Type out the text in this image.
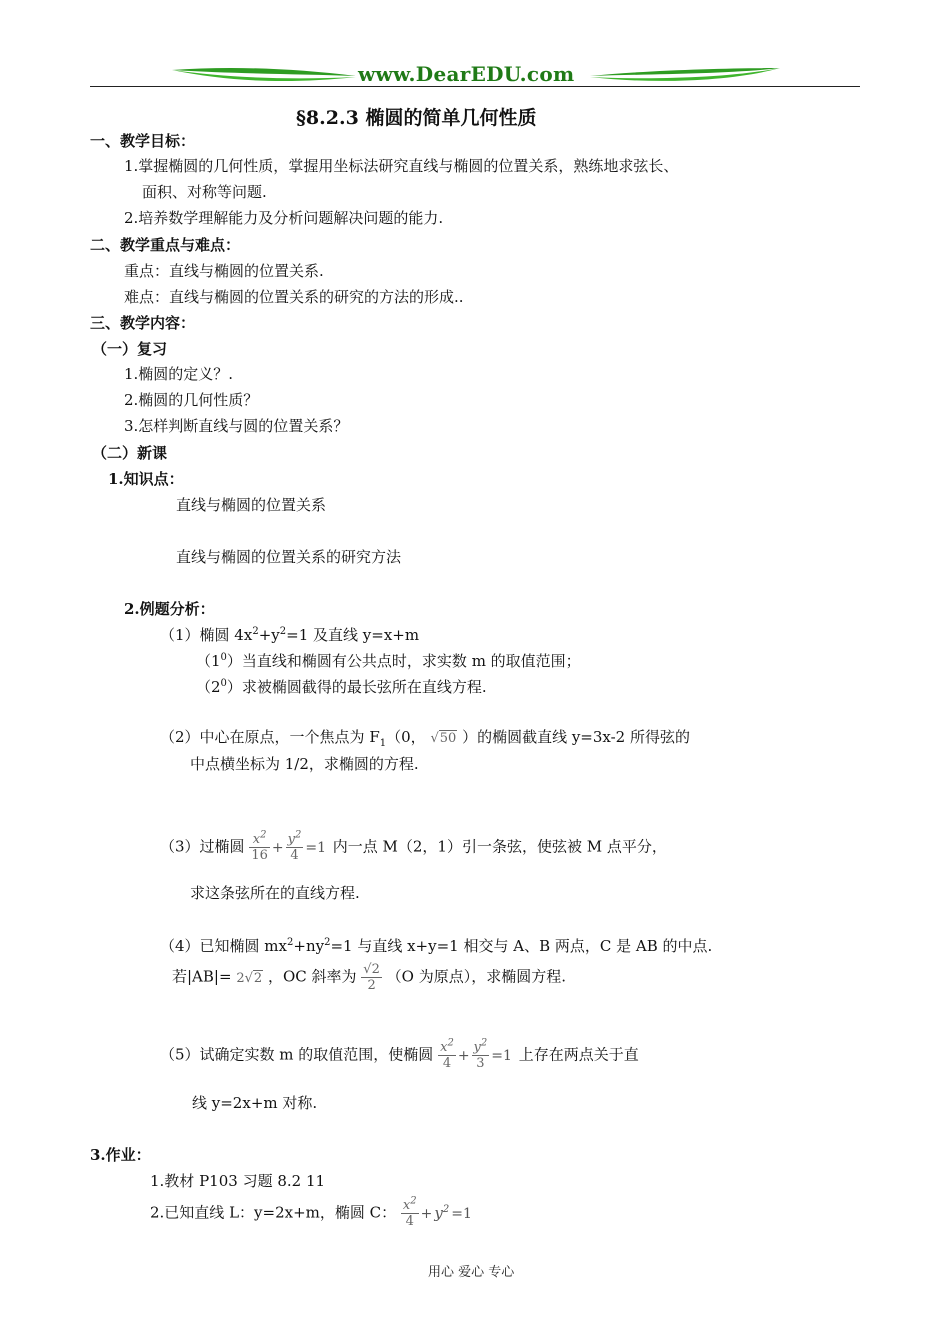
www.DearEDU.com
§8.2.3 椭圆的简单几何性质
一、教学目标：
1.掌握椭圆的几何性质，掌握用坐标法研究直线与椭圆的位置关系，熟练地求弦长、
面积、对称等问题.
2.培养数学理解能力及分析问题解决问题的能力.
二、教学重点与难点：
重点：直线与椭圆的位置关系.
难点：直线与椭圆的位置关系的研究的方法的形成..
三、教学内容：
（一）复习
1.椭圆的定义？.
2.椭圆的几何性质？
3.怎样判断直线与圆的位置关系？
（二）新课
1.知识点：
直线与椭圆的位置关系
直线与椭圆的位置关系的研究方法
2.例题分析：
（1）椭圆 $4x^2+y^2=1$ 及直线 y=x+m
$(1^0)$当直线和椭圆有公共点时，求实数 m 的取值范围；
$(2^0)$求被椭圆截得的最长弦所在直线方程.
（2）中心在原点，一个焦点为 $F_1(0$， √50 ）的椭圆截直线 y=3x-2 所得弦的
中点横坐标为 1/2，求椭圆的方程.
（3）过椭圆 $\frac{x^2}{16} + \frac{y^2}{4} =1$ 内一点 M（2，1）引一条弦，使弦被 M 点平分，
求这条弦所在的直线方程.
（4）已知椭圆 $mx^2+ny^2=1$ 与直线 x+y=1 相交与 A、B 两点，C 是 AB 的中点.
若|AB|= 2√2 ，OC 斜率为 $\frac{√2}{2} (O$ 为原点），求椭圆方程.
（5）试确定实数 m 的取值范围，使椭圆 $\frac{x^2}{4} + \frac{y^2}{3} =1$ 上存在两点关于直
线 y=2x+m 对称.
3.作业：
1.教材 P103 习题 8.2 11
2.已知直线 L：y=2x+m，椭圆 C： $\frac{x^2}{4} + y^2 =1$
用心 爱心 专心
